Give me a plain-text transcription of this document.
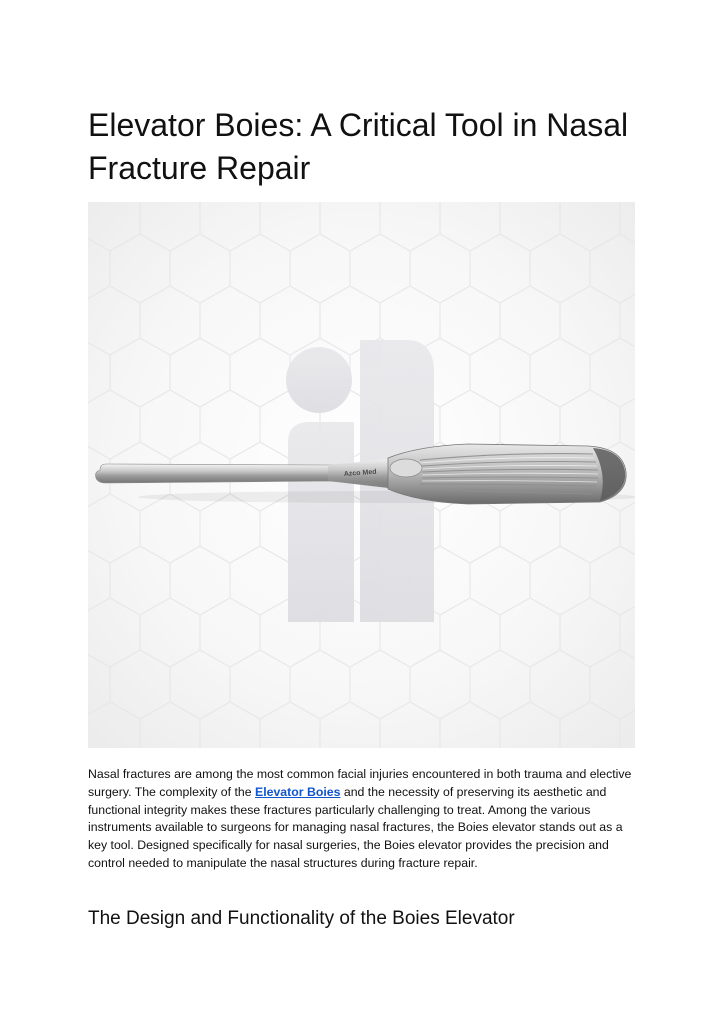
Elevator Boies: A Critical Tool in Nasal Fracture Repair
Azco Med

Nasal fractures are among the most common facial injuries encountered in both trauma and elective surgery. The complexity of the Elevator Boies and the necessity of preserving its aesthetic and functional integrity makes these fractures particularly challenging to treat. Among the various instruments available to surgeons for managing nasal fractures, the Boies elevator stands out as a key tool. Designed specifically for nasal surgeries, the Boies elevator provides the precision and control needed to manipulate the nasal structures during fracture repair.

The Design and Functionality of the Boies Elevator
